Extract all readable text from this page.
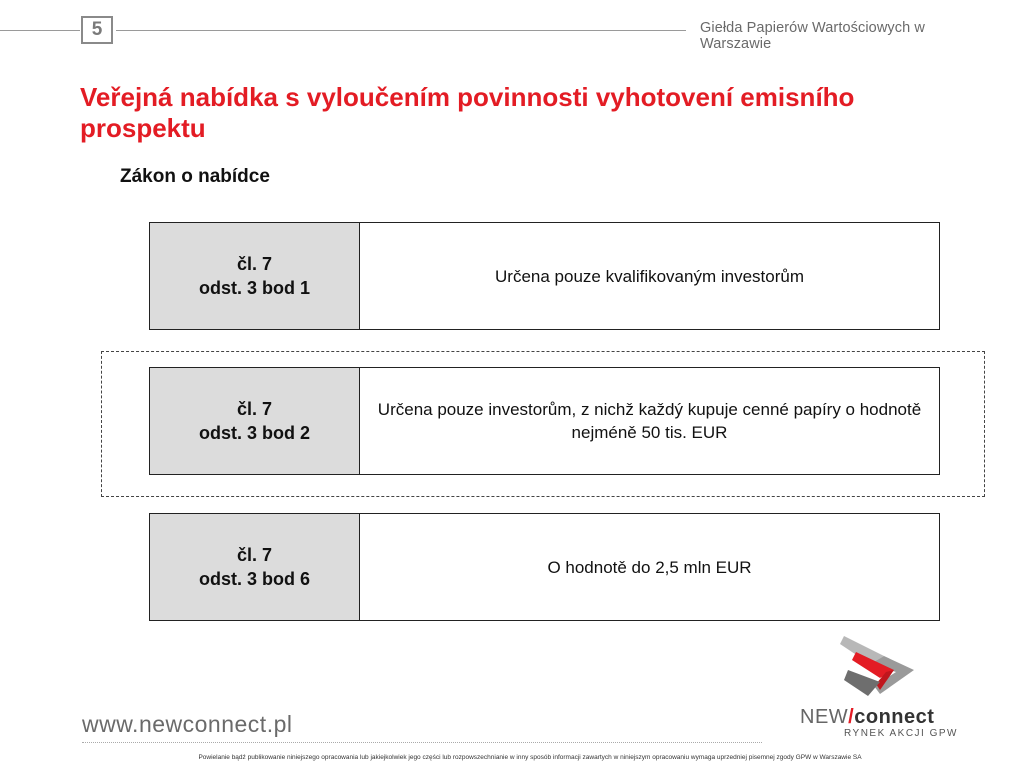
5	Giełda Papierów Wartościowych w Warszawie
Veřejná nabídka s vyloučením povinnosti vyhotovení emisního prospektu
Zákon o nabídce
čl. 7
odst. 3 bod 1
Určena pouze kvalifikovaným investorům
čl. 7
odst. 3 bod 2
Určena pouze investorům, z nichž každý kupuje cenné papíry o hodnotě nejméně 50 tis. EUR
čl. 7
odst. 3 bod 6
O hodnotě do 2,5 mln EUR
www.newconnect.pl	NEW/connect
RYNEK AKCJI GPW
Powielanie bądź publikowanie niniejszego opracowania lub jakiejkolwiek jego części lub rozpowszechnianie w inny sposób informacji zawartych w niniejszym opracowaniu wymaga uprzedniej pisemnej zgody GPW w Warszawie SA
